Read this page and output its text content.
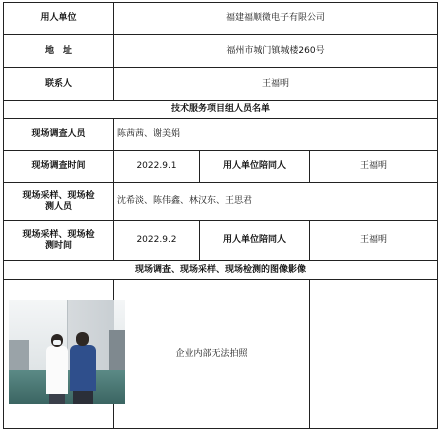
用人单位	福建福顺微电子有限公司		
地　址	福州市城门镇城楼260号		
联系人	王福明		
技术服务项目组人员名单			
现场调查人员	陈茜茜、谢美娟		
现场调查时间	2022.9.1	用人单位陪同人	王福明
现场采样、现场检测人员	沈希淡、陈伟鑫、林汉东、王思君		
现场采样、现场检测时间	2022.9.2	用人单位陪同人	王福明
现场调查、现场采样、现场检测的图像影像			

	企业内部无法拍照		
